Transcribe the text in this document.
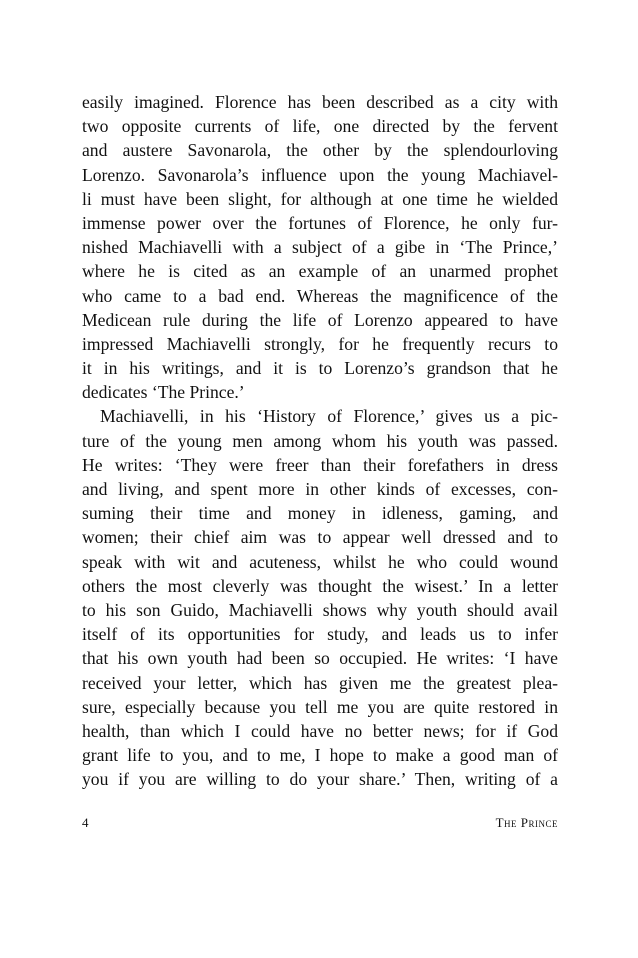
easily imagined. Florence has been described as a city with
two opposite currents of life, one directed by the fervent
and austere Savonarola, the other by the splendourloving
Lorenzo. Savonarola’s influence upon the young Machiavel-
li must have been slight, for although at one time he wielded
immense power over the fortunes of Florence, he only fur-
nished Machiavelli with a subject of a gibe in ‘The Prince,’
where he is cited as an example of an unarmed prophet
who came to a bad end. Whereas the magnificence of the
Medicean rule during the life of Lorenzo appeared to have
impressed Machiavelli strongly, for he frequently recurs to
it in his writings, and it is to Lorenzo’s grandson that he
dedicates ‘The Prince.’
Machiavelli, in his ‘History of Florence,’ gives us a pic-
ture of the young men among whom his youth was passed.
He writes: ‘They were freer than their forefathers in dress
and living, and spent more in other kinds of excesses, con-
suming their time and money in idleness, gaming, and
women; their chief aim was to appear well dressed and to
speak with wit and acuteness, whilst he who could wound
others the most cleverly was thought the wisest.’ In a letter
to his son Guido, Machiavelli shows why youth should avail
itself of its opportunities for study, and leads us to infer
that his own youth had been so occupied. He writes: ‘I have
received your letter, which has given me the greatest plea-
sure, especially because you tell me you are quite restored in
health, than which I could have no better news; for if God
grant life to you, and to me, I hope to make a good man of
you if you are willing to do your share.’ Then, writing of a
4	The Prince
